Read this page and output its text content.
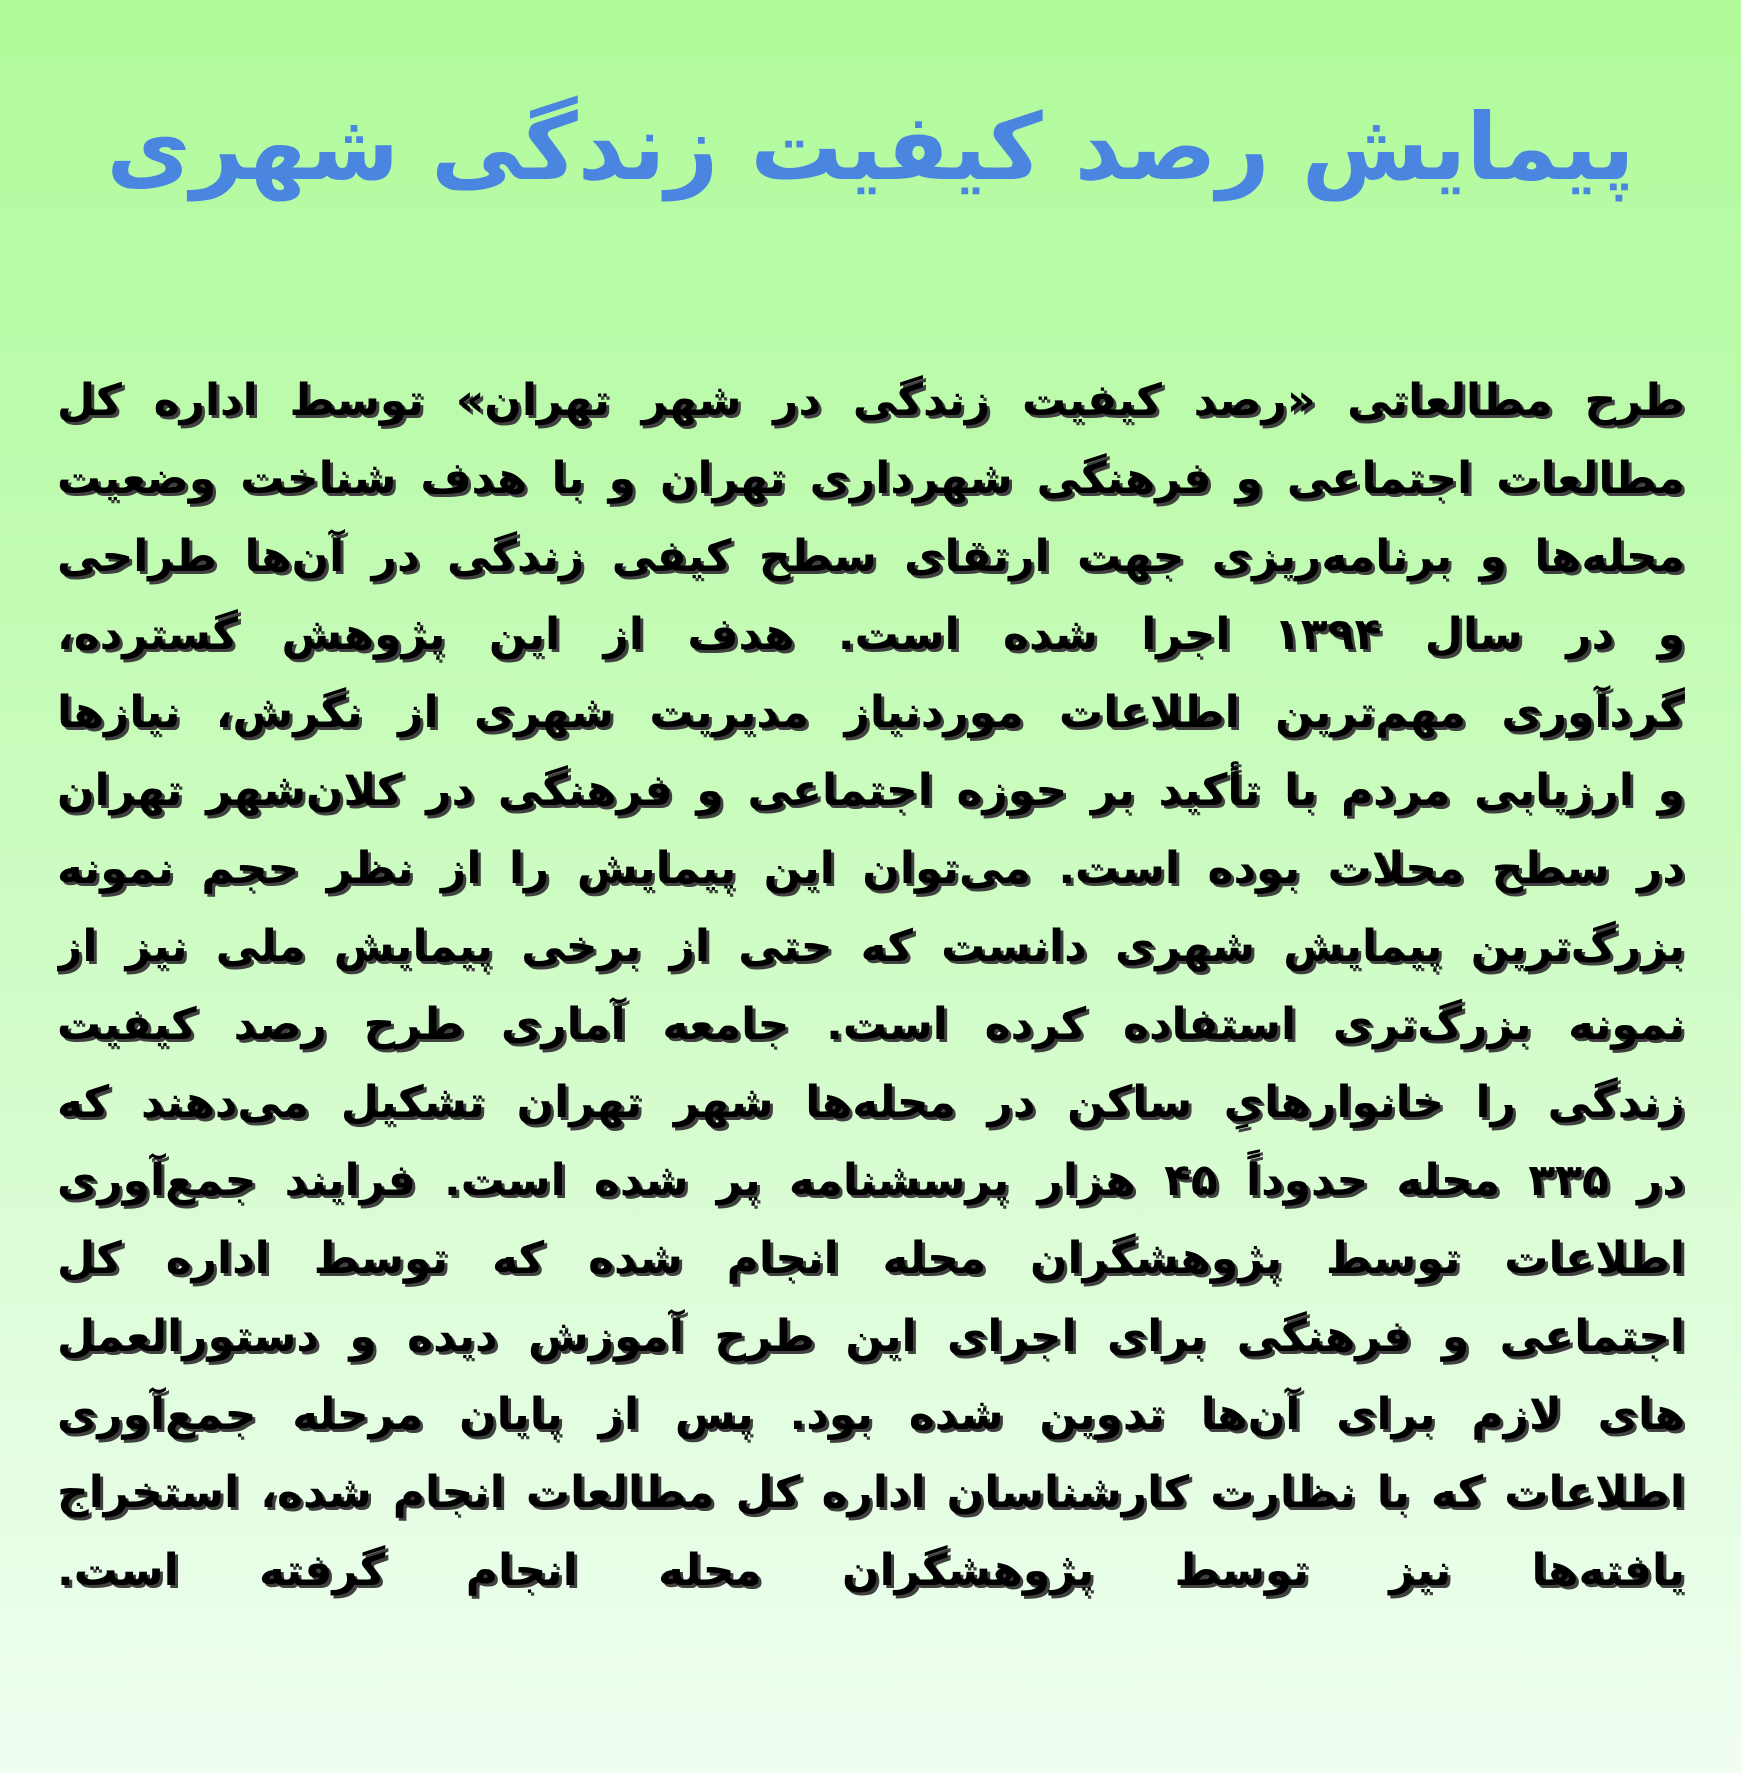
پیمایش رصد کیفیت زندگی شهری
طرح مطالعاتی «رصد کیفیت زندگی در شهر تهران» توسط اداره کل
مطالعات اجتماعی و فرهنگی شهرداری تهران و با هدف شناخت وضعیت
محله‌ها و برنامه‌ریزی جهت ارتقای سطح کیفی زندگی در آن‌ها طراحی
و در سال ۱۳۹۴ اجرا شده است. هدف از این پژوهش گسترده،
گردآوری مهم‌ترین اطلاعات موردنیاز مدیریت شهری از نگرش، نیازها
و ارزیابی مردم با تأکید بر حوزه اجتماعی و فرهنگی در کلان‌شهر تهران
در سطح محلات بوده است. می‌توان این پیمایش را از نظر حجم نمونه
بزرگ‌ترین پیمایش شهری دانست که حتی از برخی پیمایش ملی نیز از
نمونه بزرگ‌تری استفاده کرده است. جامعه آماری طرح رصد کیفیت
زندگی را خانوارهایِ ساکن در محله‌ها شهر تهران تشکیل می‌دهند که
در ۳۳۵ محله حدوداً ۴۵ هزار پرسشنامه پر شده است. فرایند جمع‌آوری
اطلاعات توسط پژوهشگران محله انجام شده که توسط اداره کل
اجتماعی و فرهنگی برای اجرای این طرح آموزش دیده و دستورالعمل
های لازم برای آن‌ها تدوین شده بود. پس از پایان مرحله جمع‌آوری
اطلاعات که با نظارت کارشناسان اداره کل مطالعات انجام شده، استخراج
یافته‌ها نیز توسط پژوهشگران محله انجام گرفته است.
